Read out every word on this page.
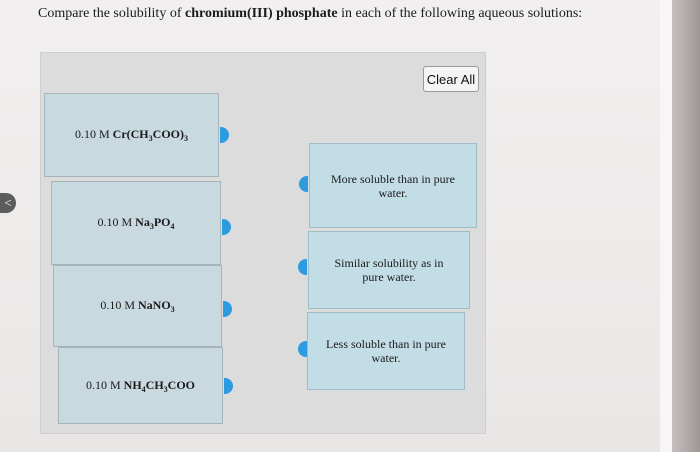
Compare the solubility of chromium(III) phosphate in each of the following aqueous solutions:
<
Clear All
0.10 M $Cr(CH_3COO)_3$
0.10 M $Na_3PO_4$
0.10 M NaNO$_3$
0.10 M $NH_4CH_3COO$
More soluble than in pure water.
Similar solubility as in pure water.
Less soluble than in pure water.
